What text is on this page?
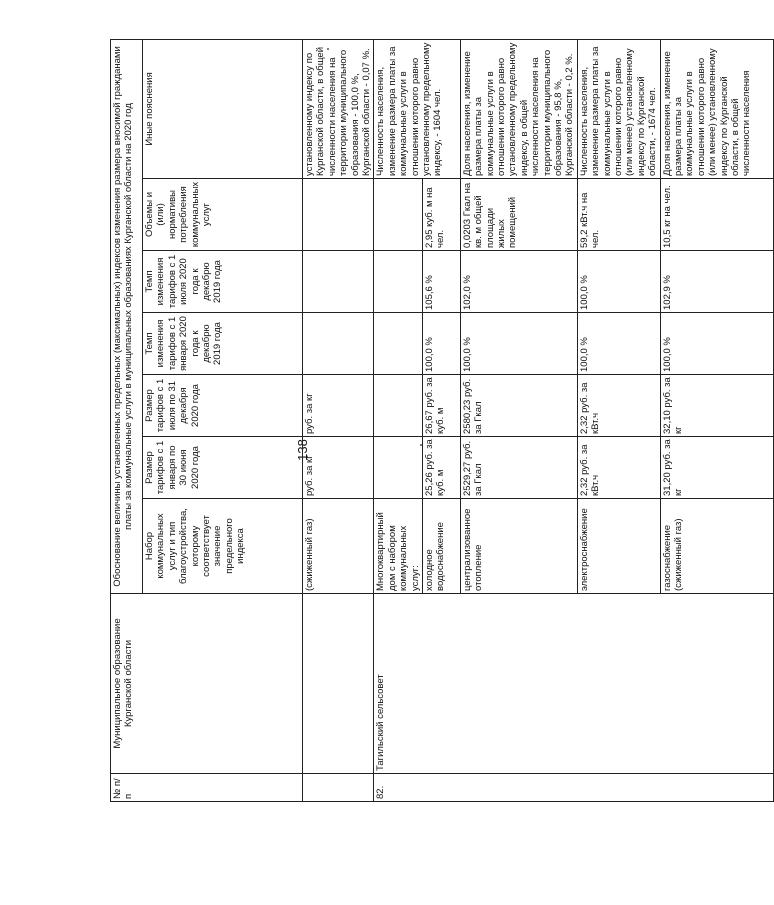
138
№ п/п	Муниципальное образование Курганской области	Обоснование величины установленных предельных (максимальных) индексов изменения размера вносимой гражданами платы за коммунальные услуги в муниципальных образованиях Курганской области на 2020 год						
		Набор коммунальных услуг и тип благоустройства, которому соответствует значение предельного индекса	Размер тарифов с 1 января по 30 июня 2020 года	Размер тарифов с 1 июля по 31 декабря 2020 года	Темп изменения тарифов с 1 января 2020 года к декабрю 2019 года	Темп изменения тарифов с 1 июля 2020 года к декабрю 2019 года	Объемы и (или) нормативы потребления коммунальных услуг	Иные пояснения
		(сжиженный газ)	руб. за кг	руб. за кг				установленному индексу по Курганской области, в общей численности населения на территории муниципального образования - 100,0 %, Курганской области - 0,07 %.
82.	Тагильский сельсовет	Многоквартирный дом с набором коммунальных услуг:						Численность населения, изменение размера платы за коммунальные услуги в отношении которого равно установленному предельному индексу, - 1604 чел.
		холодное водоснабжение	25,26 руб. за куб. м	26,67 руб. за куб. м	100,0 %	105,6 %	2,95 куб. м на чел.	
		централизованное отопление	2529,27 руб. за Гкал	2580,23 руб. за Гкал	100,0 %	102,0 %	0,0203 Гкал на кв. м общей площади жилых помещений	Доля населения, изменение размера платы за коммунальные услуги в отношении которого равно установленному предельному индексу, в общей численности населения на территории муниципального образования - 95,8 %, Курганской области - 0,2 %.
		электроснабжение	2,32 руб. за кВт.ч	2,32 руб. за кВт.ч	100,0 %	100,0 %	59,2 кВт.ч на чел.	Численность населения, изменение размера платы за коммунальные услуги в отношении которого равно (или менее) установленному индексу по Курганской области, - 1674 чел.
		газоснабжение (сжиженный газ)	31,20 руб. за кг	32,10 руб. за кг	100,0 %	102,9 %	10,5 кг на чел.	Доля населения, изменение размера платы за коммунальные услуги в отношении которого равно (или менее) установленному индексу по Курганской области, в общей численности населения
